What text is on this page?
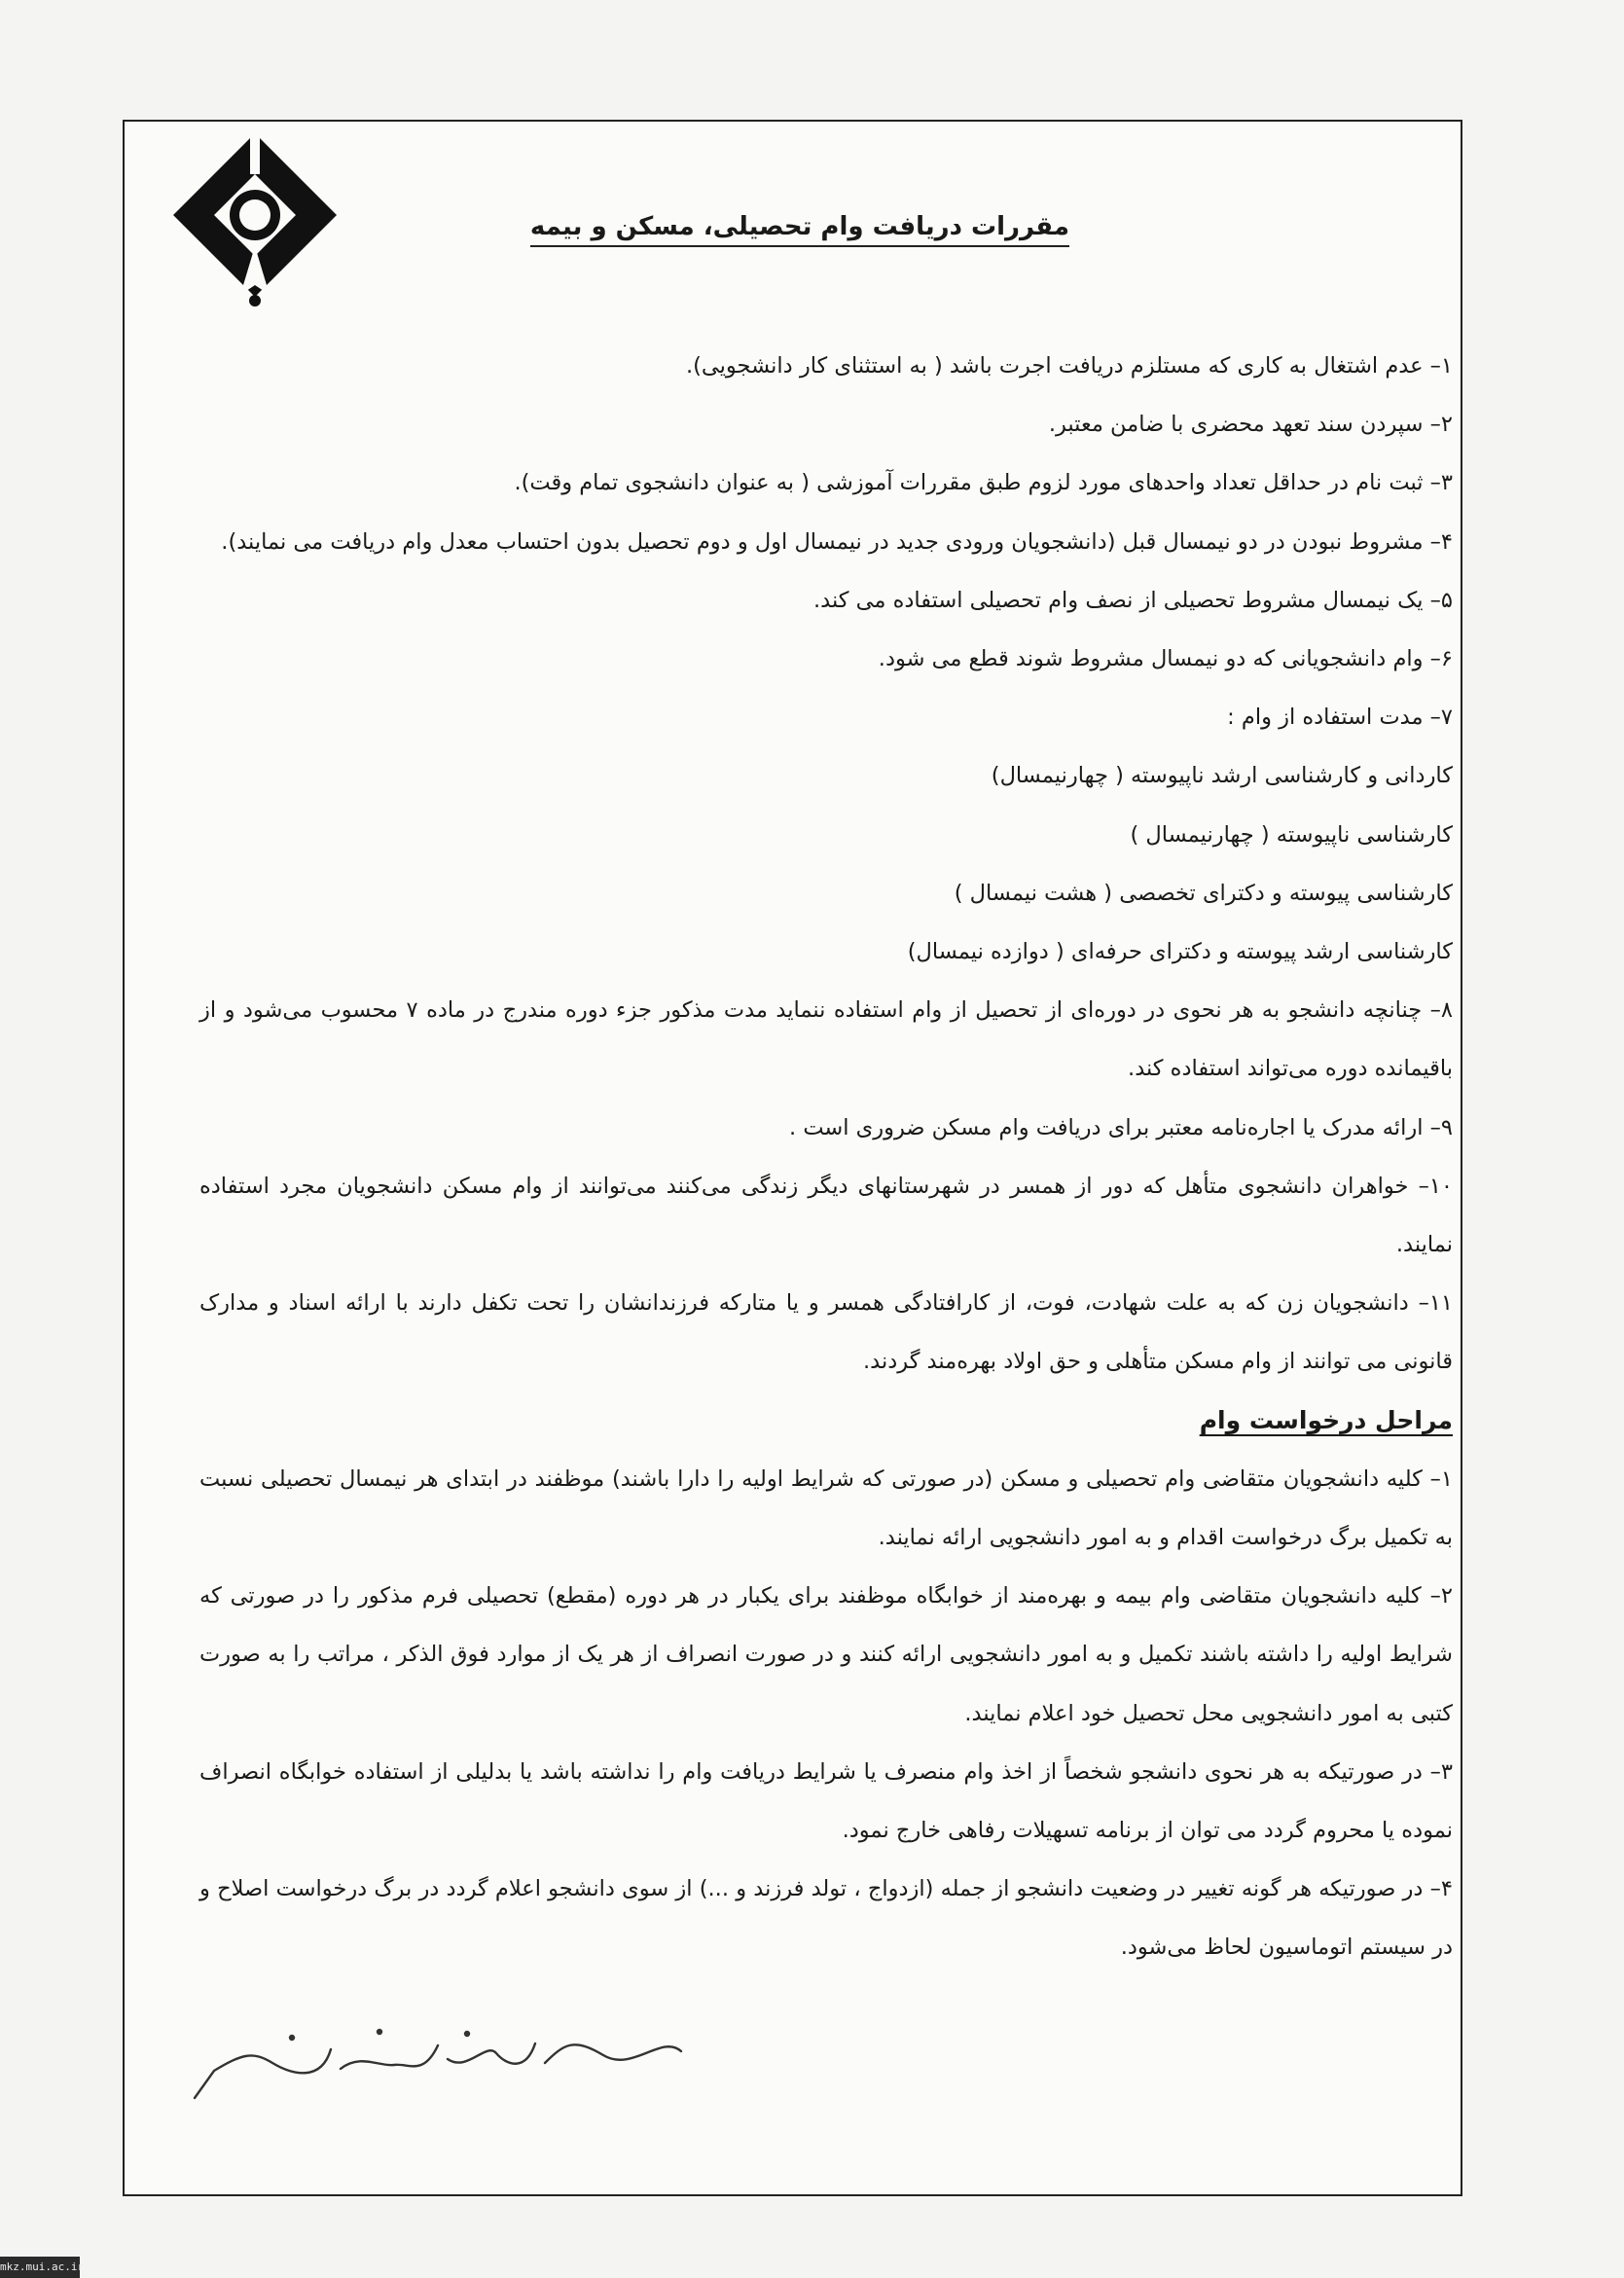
مقررات دریافت وام تحصیلی، مسکن و بیمه

۱– عدم اشتغال به کاری که مستلزم دریافت اجرت باشد ( به استثنای کار دانشجویی).

۲– سپردن سند تعهد محضری با ضامن معتبر.

۳– ثبت نام در حداقل تعداد واحدهای مورد لزوم طبق مقررات آموزشی ( به عنوان دانشجوی تمام وقت).

۴– مشروط نبودن در دو نیمسال قبل (دانشجویان ورودی جدید در نیمسال اول و دوم تحصیل بدون احتساب معدل وام دریافت می نمایند).

۵– یک نیمسال مشروط تحصیلی از نصف وام تحصیلی استفاده می کند.

۶– وام دانشجویانی که دو نیمسال مشروط شوند قطع می شود.

۷– مدت استفاده از وام :

کاردانی و کارشناسی ارشد ناپیوسته ( چهارنیمسال)

کارشناسی ناپیوسته ( چهارنیمسال )

کارشناسی پیوسته و دکترای تخصصی ( هشت نیمسال )

کارشناسی ارشد پیوسته و دکترای حرفه‌ای ( دوازده نیمسال)

۸– چنانچه دانشجو به هر نحوی در دوره‌ای از تحصیل از وام استفاده ننماید مدت مذکور جزء دوره مندرج در ماده ۷ محسوب می‌شود و از باقیمانده دوره می‌تواند استفاده کند.

۹– ارائه مدرک یا اجاره‌نامه معتبر برای دریافت وام مسکن ضروری است .

۱۰– خواهران دانشجوی متأهل که دور از همسر در شهرستانهای دیگر زندگی می‌کنند می‌توانند از وام مسکن دانشجویان مجرد استفاده نمایند.

۱۱– دانشجویان زن که به علت شهادت، فوت، از کارافتادگی همسر و یا متارکه فرزندانشان را تحت تکفل دارند با ارائه اسناد و مدارک قانونی می توانند از وام مسکن متأهلی و حق اولاد بهره‌مند گردند.

مراحل درخواست وام

۱– کلیه دانشجویان متقاضی وام تحصیلی و مسکن (در صورتی که شرایط اولیه را دارا باشند) موظفند در ابتدای هر نیمسال تحصیلی نسبت به تکمیل برگ درخواست اقدام و به امور دانشجویی ارائه نمایند.

۲– کلیه دانشجویان متقاضی وام بیمه و بهره‌مند از خوابگاه موظفند برای یکبار در هر دوره (مقطع) تحصیلی فرم مذکور را در صورتی که شرایط اولیه را داشته باشند تکمیل و به امور دانشجویی ارائه کنند و در صورت انصراف از هر یک از موارد فوق الذکر ، مراتب را به صورت کتبی به امور دانشجویی محل تحصیل خود اعلام نمایند.

۳– در صورتیکه به هر نحوی دانشجو شخصاً از اخذ وام منصرف یا شرایط دریافت وام را نداشته باشد یا بدلیلی از استفاده خوابگاه انصراف نموده یا محروم گردد می توان از برنامه تسهیلات رفاهی خارج نمود.

۴– در صورتیکه هر گونه تغییر در وضعیت دانشجو از جمله (ازدواج ، تولد فرزند و ...) از سوی دانشجو اعلام گردد در برگ درخواست اصلاح و در سیستم اتوماسیون لحاظ می‌شود.

mkz.mui.ac.ir
